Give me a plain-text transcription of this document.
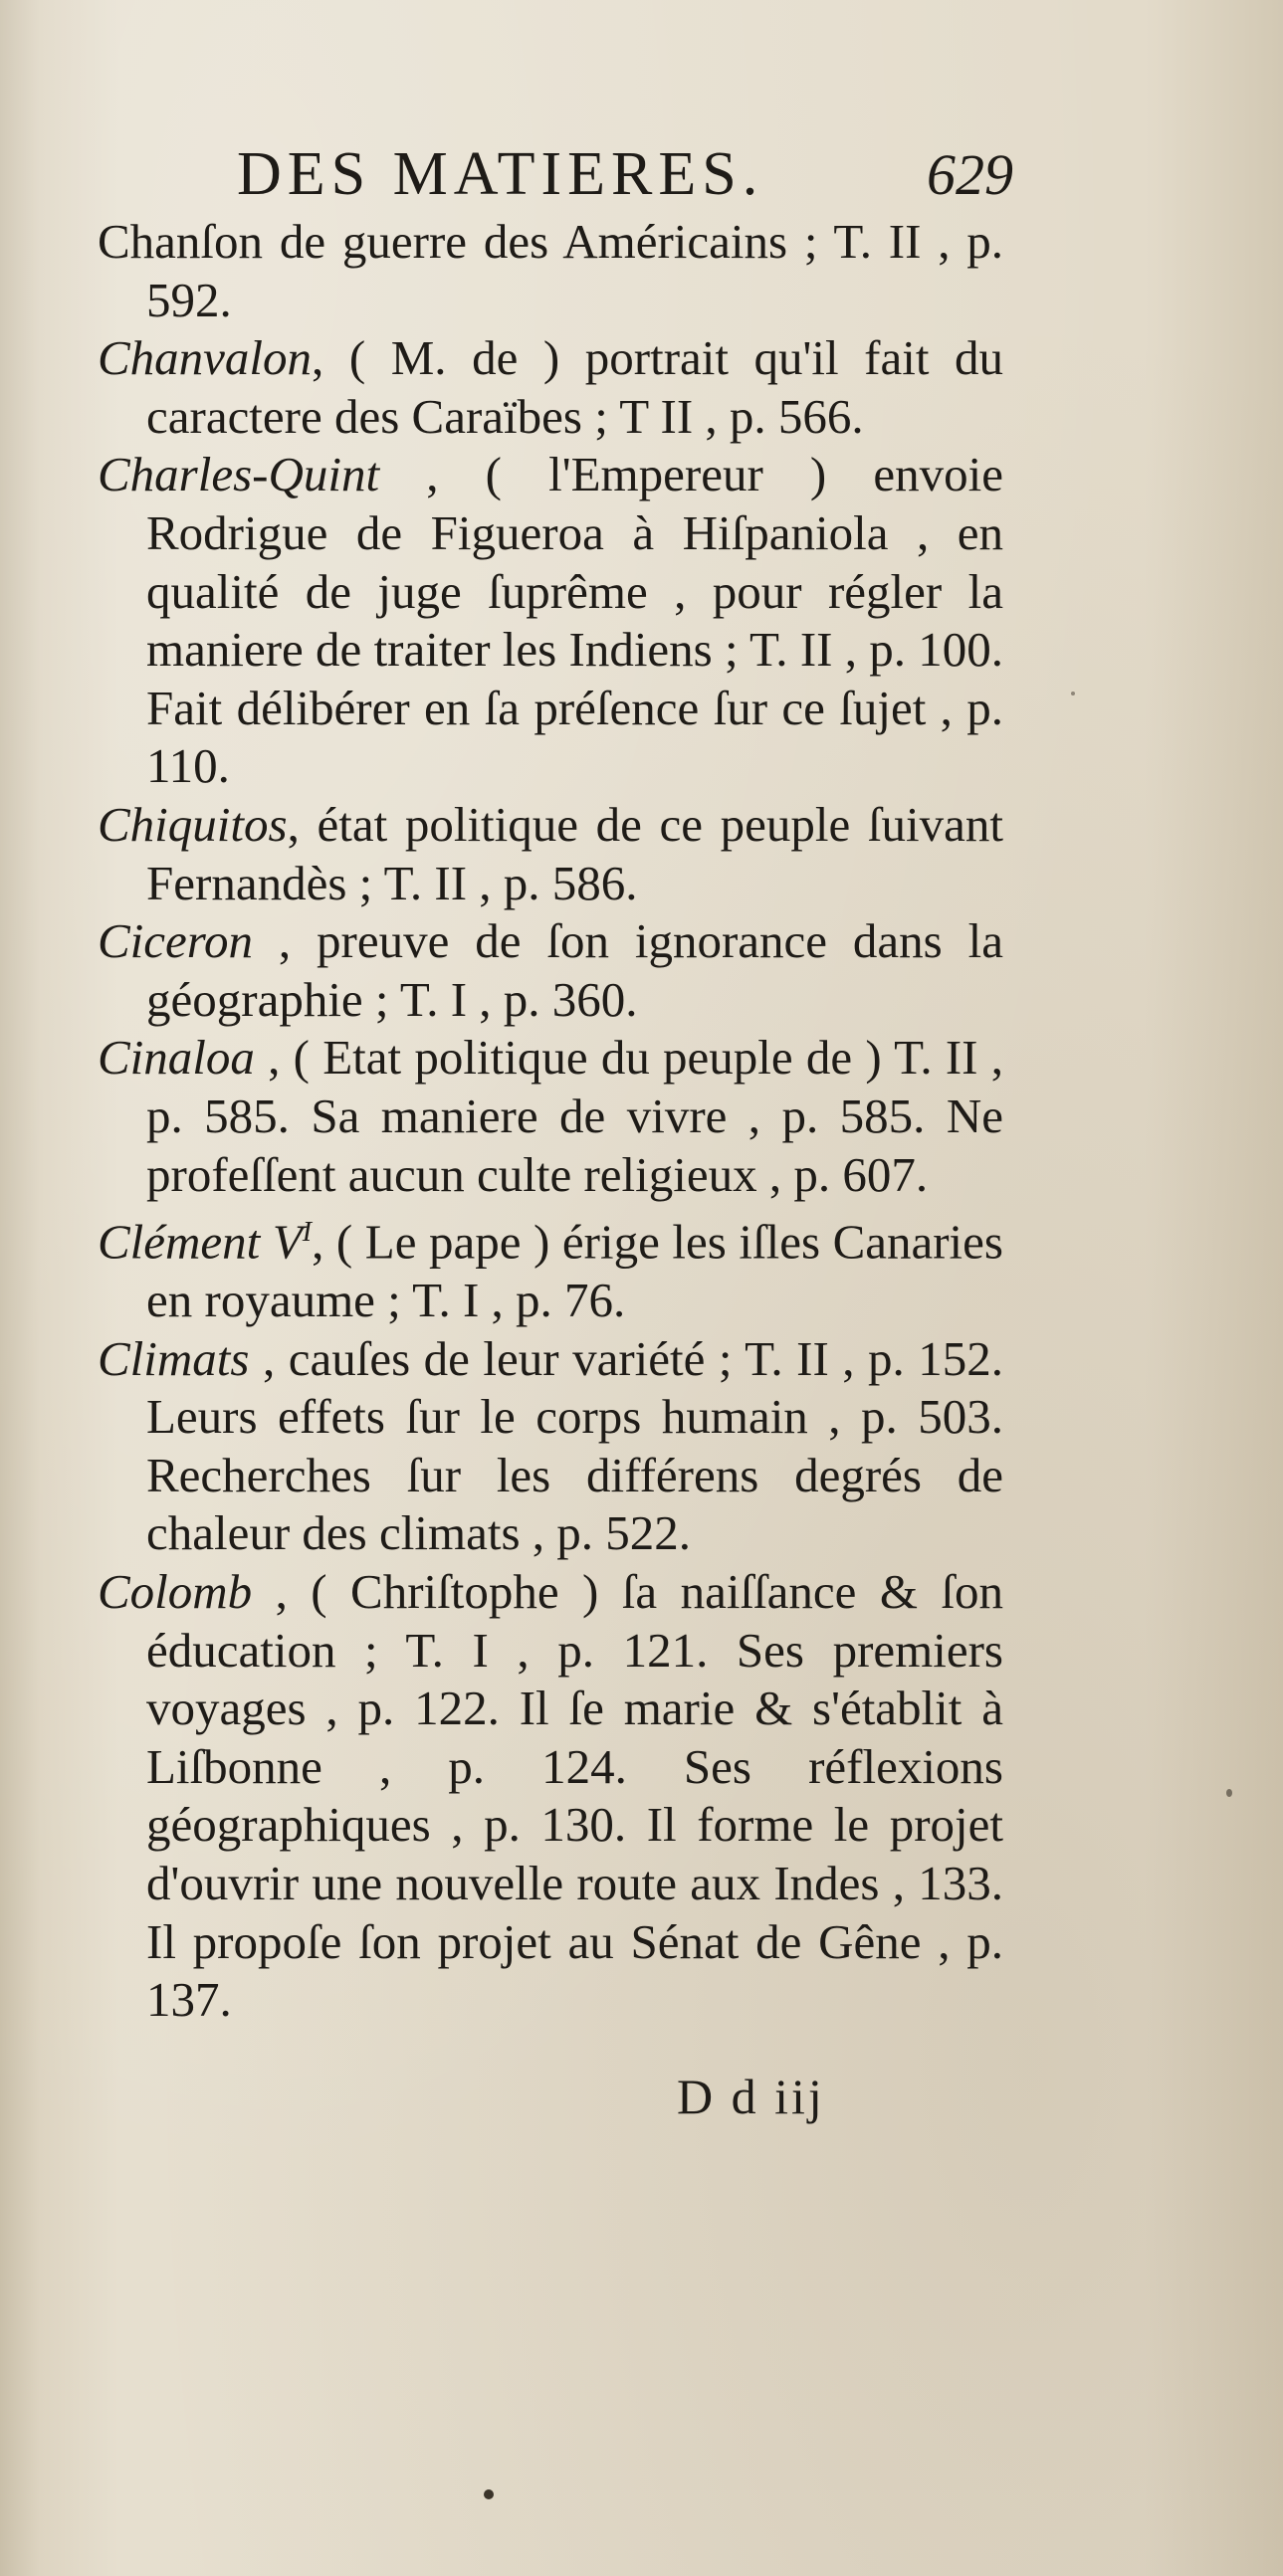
DES MATIERES.	629

Chanſon de guerre des Américains ; T. II , p. 592.

Chanvalon, ( M. de ) portrait qu'il fait du caractere des Caraïbes ; T II , p. 566.

Charles-Quint , ( l'Empereur ) envoie Rodrigue de Figueroa à Hiſpaniola , en qualité de juge ſuprême , pour régler la maniere de traiter les Indiens ; T. II , p. 100. Fait délibérer en ſa préſence ſur ce ſujet , p. 110.

Chiquitos, état politique de ce peuple ſuivant Fernandès ; T. II , p. 586.

Ciceron , preuve de ſon ignorance dans la géographie ; T. I , p. 360.

Cinaloa , ( Etat politique du peuple de ) T. II , p. 585. Sa maniere de vivre , p. 585. Ne profeſſent aucun culte religieux , p. 607.

Clément $V^I$, ( Le pape ) érige les iſles Canaries en royaume ; T. I , p. 76.

Climats , cauſes de leur variété ; T. II , p. 152. Leurs effets ſur le corps humain , p. 503. Recherches ſur les différens degrés de chaleur des climats , p. 522.

Colomb , ( Chriſtophe ) ſa naiſſance & ſon éducation ; T. I , p. 121. Ses premiers voyages , p. 122. Il ſe marie & s'établit à Liſbonne , p. 124. Ses réflexions géographiques , p. 130. Il forme le projet d'ouvrir une nouvelle route aux Indes , 133. Il propoſe ſon projet au Sénat de Gêne , p. 137.

D d iij
